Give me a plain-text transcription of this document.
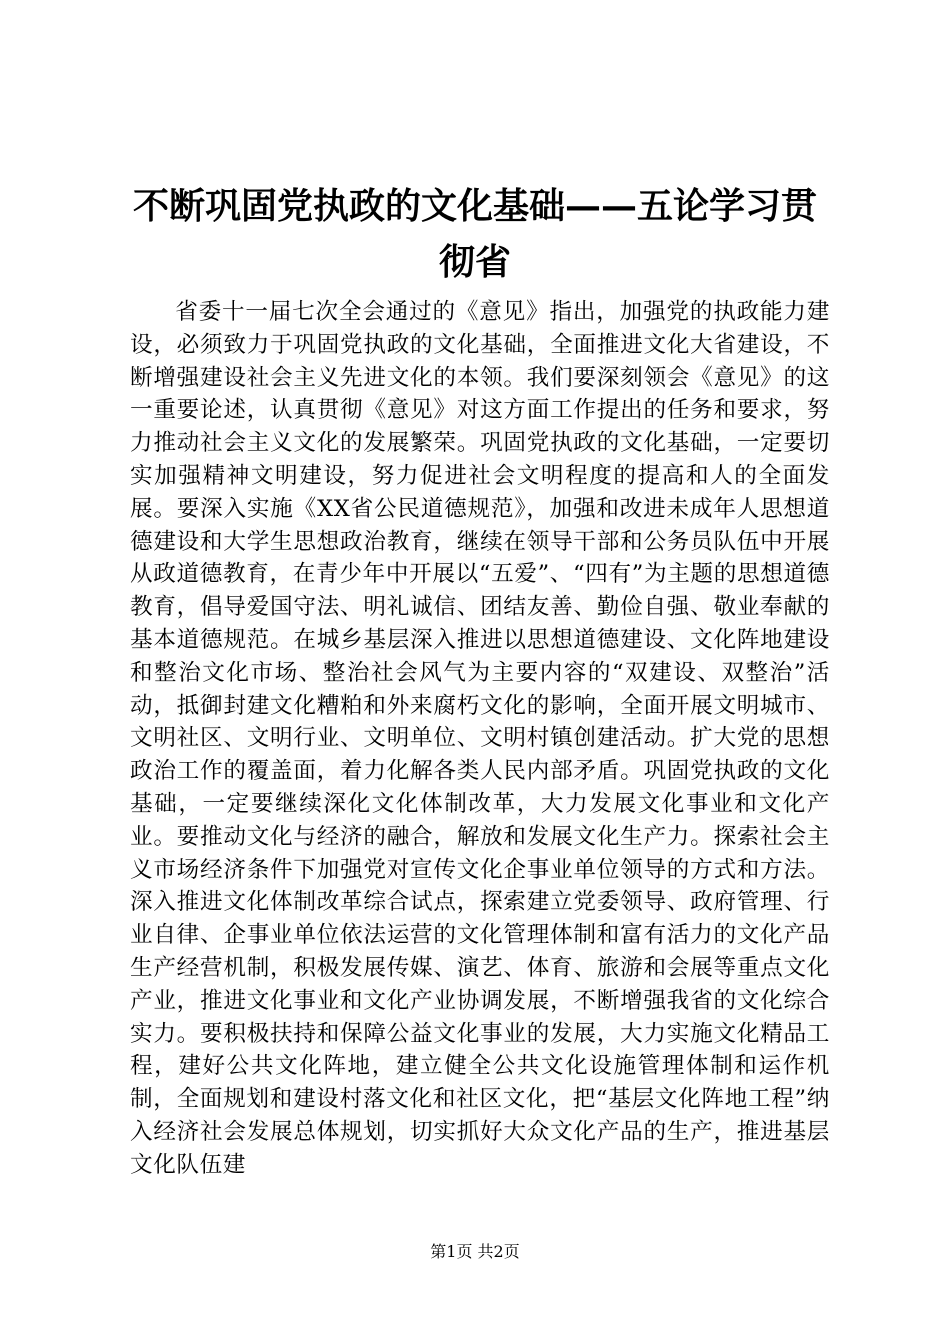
不断巩固党执政的文化基础——五论学习贯彻省

省委十一届七次全会通过的《意见》指出，加强党的执政能力建设，必须致力于巩固党执政的文化基础，全面推进文化大省建设，不断增强建设社会主义先进文化的本领。我们要深刻领会《意见》的这一重要论述，认真贯彻《意见》对这方面工作提出的任务和要求，努力推动社会主义文化的发展繁荣。巩固党执政的文化基础，一定要切实加强精神文明建设，努力促进社会文明程度的提高和人的全面发展。要深入实施《XX省公民道德规范》，加强和改进未成年人思想道德建设和大学生思想政治教育，继续在领导干部和公务员队伍中开展从政道德教育，在青少年中开展以“五爱”、“四有”为主题的思想道德教育，倡导爱国守法、明礼诚信、团结友善、勤俭自强、敬业奉献的基本道德规范。在城乡基层深入推进以思想道德建设、文化阵地建设和整治文化市场、整治社会风气为主要内容的“双建设、双整治”活动，抵御封建文化糟粕和外来腐朽文化的影响，全面开展文明城市、文明社区、文明行业、文明单位、文明村镇创建活动。扩大党的思想政治工作的覆盖面，着力化解各类人民内部矛盾。巩固党执政的文化基础，一定要继续深化文化体制改革，大力发展文化事业和文化产业。要推动文化与经济的融合，解放和发展文化生产力。探索社会主义市场经济条件下加强党对宣传文化企事业单位领导的方式和方法。深入推进文化体制改革综合试点，探索建立党委领导、政府管理、行业自律、企事业单位依法运营的文化管理体制和富有活力的文化产品生产经营机制，积极发展传媒、演艺、体育、旅游和会展等重点文化产业，推进文化事业和文化产业协调发展，不断增强我省的文化综合实力。要积极扶持和保障公益文化事业的发展，大力实施文化精品工程，建好公共文化阵地，建立健全公共文化设施管理体制和运作机制，全面规划和建设村落文化和社区文化，把“基层文化阵地工程”纳入经济社会发展总体规划，切实抓好大众文化产品的生产，推进基层文化队伍建

第1页 共2页
